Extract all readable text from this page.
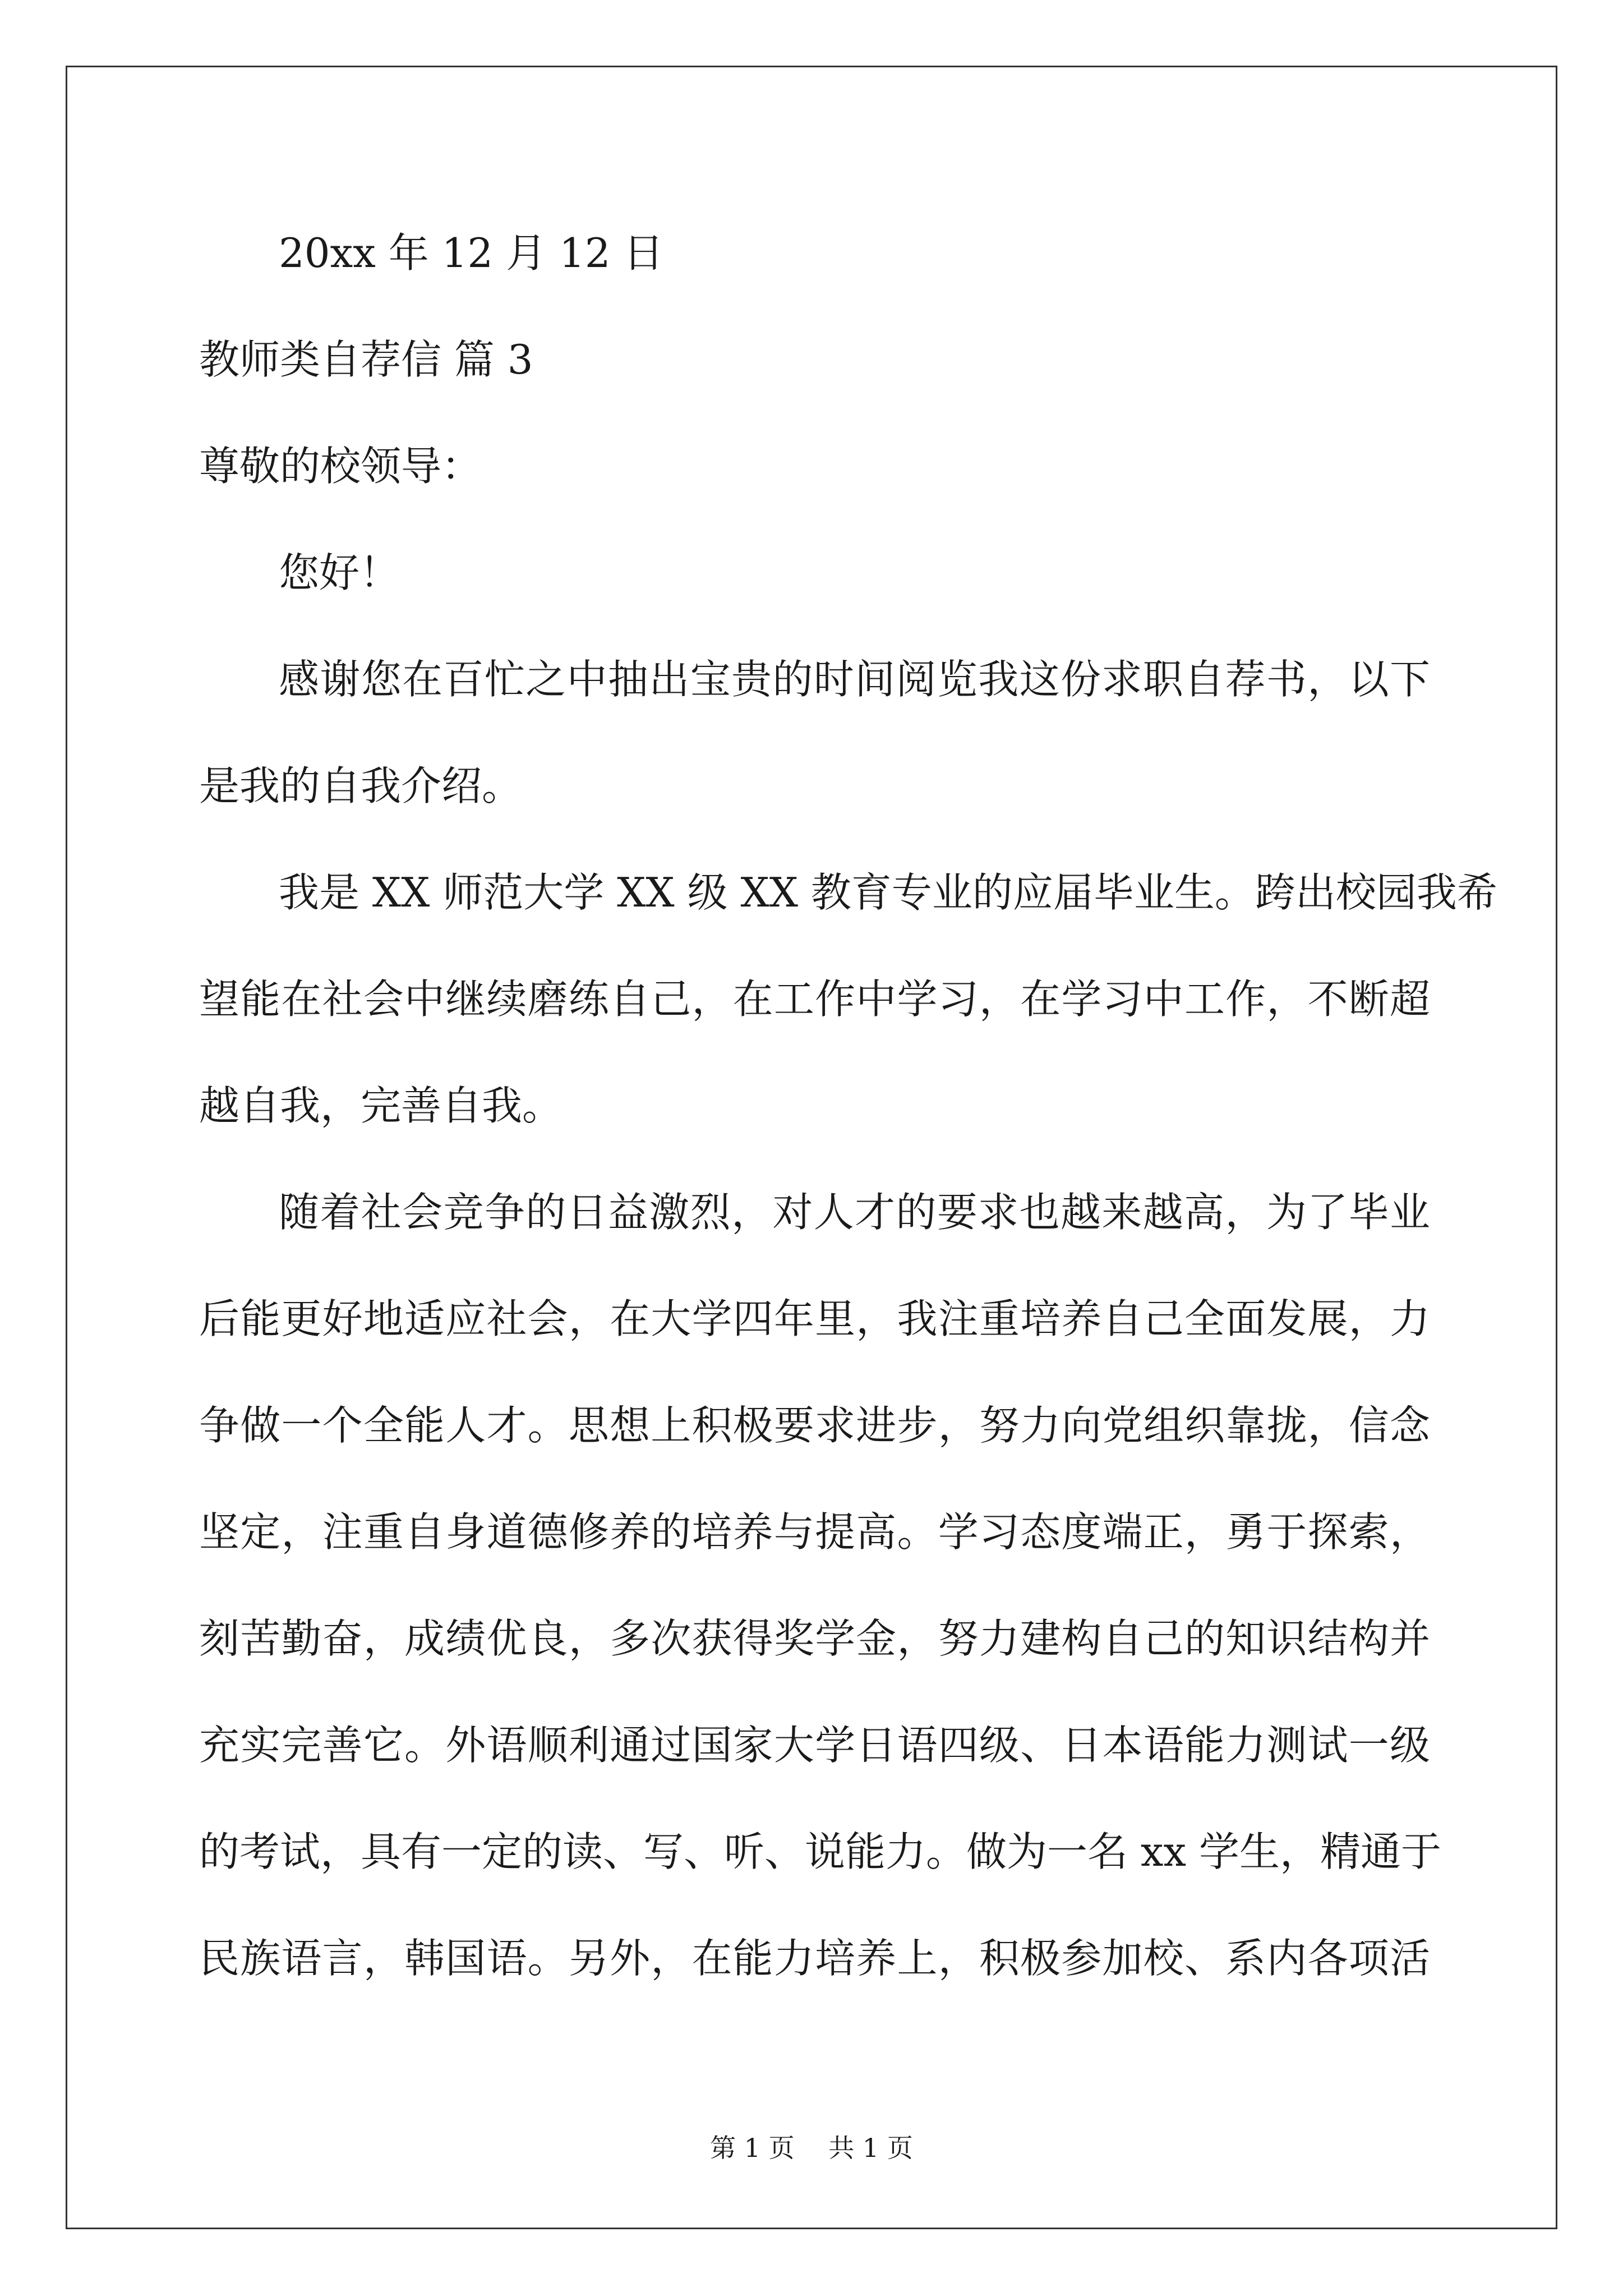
20xx 年 12 月 12 日
教师类自荐信 篇 3
尊敬的校领导：
您好！
感谢您在百忙之中抽出宝贵的时间阅览我这份求职自荐书，以下
是我的自我介绍。
我是 XX 师范大学 XX 级 XX 教育专业的应届毕业生。跨出校园我希
望能在社会中继续磨练自己，在工作中学习，在学习中工作，不断超
越自我，完善自我。
随着社会竞争的日益激烈，对人才的要求也越来越高，为了毕业
后能更好地适应社会，在大学四年里，我注重培养自己全面发展，力
争做一个全能人才。思想上积极要求进步，努力向党组织靠拢，信念
坚定，注重自身道德修养的培养与提高。学习态度端正，勇于探索，
刻苦勤奋，成绩优良，多次获得奖学金，努力建构自己的知识结构并
充实完善它。外语顺利通过国家大学日语四级、日本语能力测试一级
的考试，具有一定的读、写、听、说能力。做为一名 xx 学生，精通于
民族语言，韩国语。另外，在能力培养上，积极参加校、系内各项活
第 1 页　 共 1 页
